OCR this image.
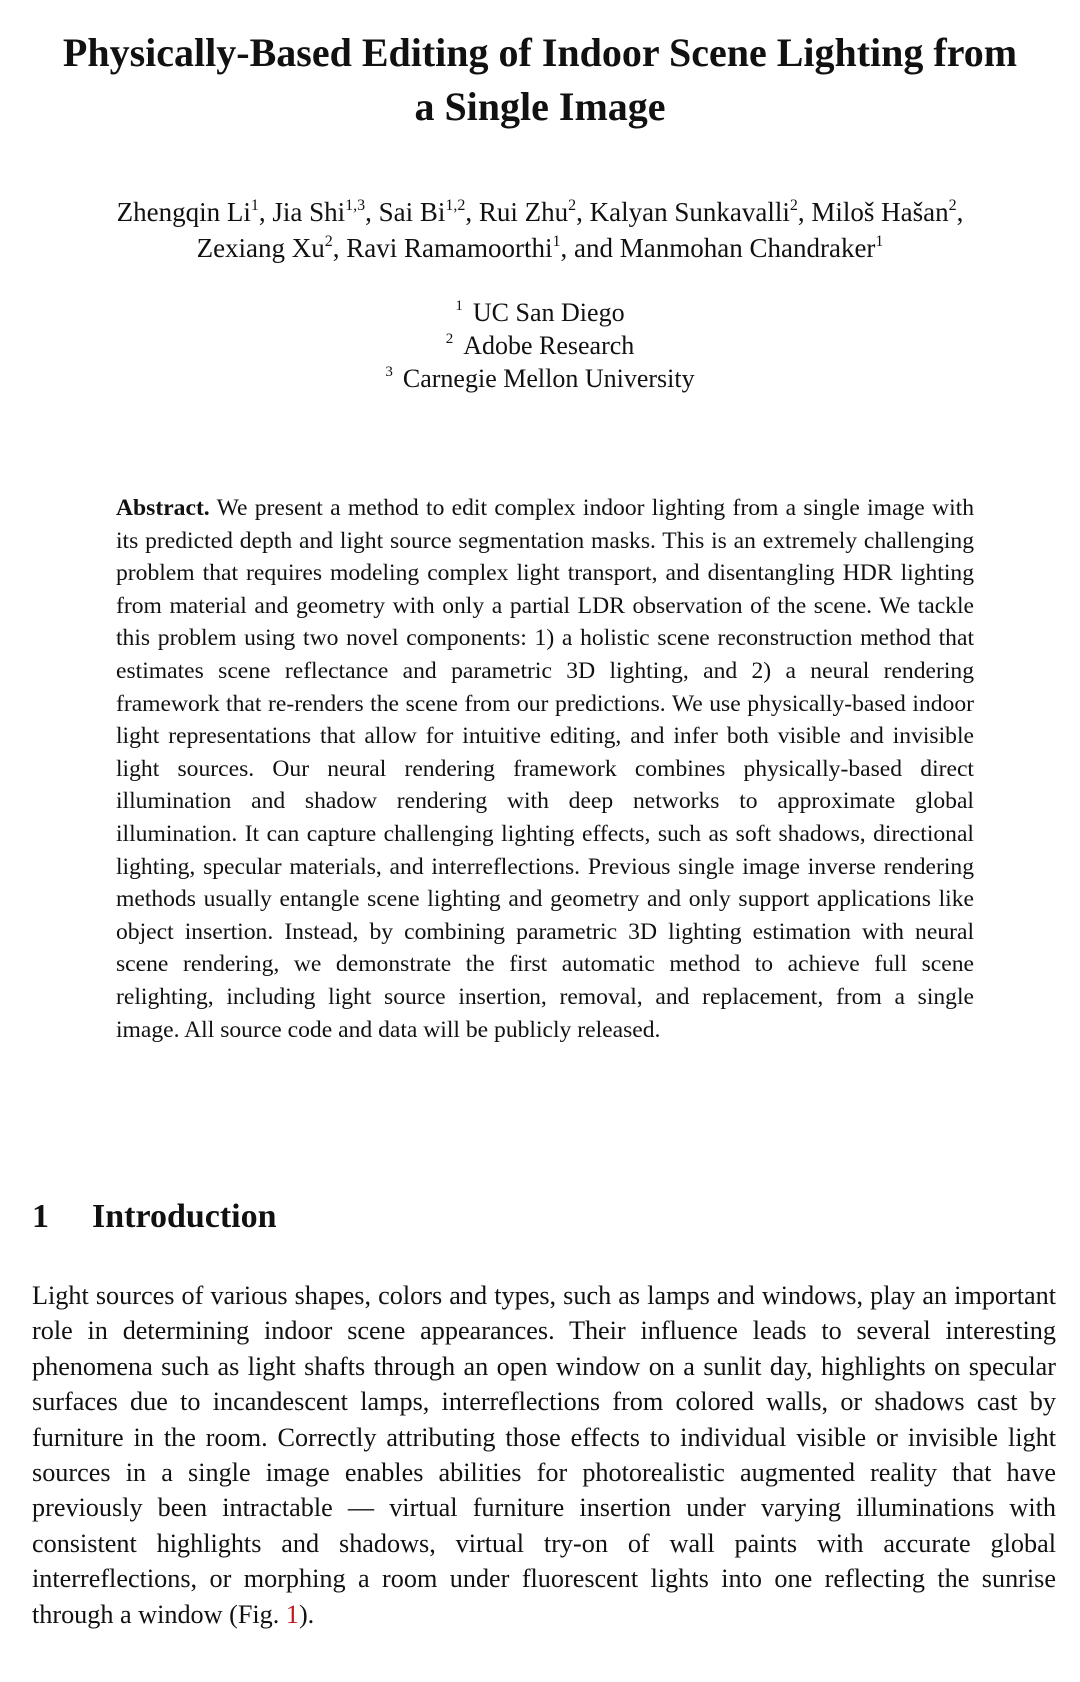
Physically-Based Editing of Indoor Scene Lighting from a Single Image

Zhengqin Li$^1$, Jia Shi$^{1,3}$, Sai Bi$^{1,2}$, Rui Zhu$^2$, Kalyan Sunkavalli$^2$, Miloš Hašan$^2$,
Zexiang Xu$^2$, Ravi Ramamoorthi$^1$, and Manmohan Chandraker$^1$

$^1$ UC San Diego
$^2$ Adobe Research
$^3$ Carnegie Mellon University

Abstract. We present a method to edit complex indoor lighting from a single image with its predicted depth and light source segmentation masks. This is an extremely challenging problem that requires modeling complex light transport, and disentangling HDR lighting from material and geometry with only a partial LDR observation of the scene. We tackle this problem using two novel components: 1) a holistic scene reconstruction method that estimates scene reflectance and parametric 3D lighting, and 2) a neural rendering framework that re-renders the scene from our predictions. We use physically-based indoor light representations that allow for intuitive editing, and infer both visible and invisible light sources. Our neural rendering framework combines physically-based direct illumination and shadow rendering with deep networks to approximate global illumination. It can capture challenging lighting effects, such as soft shadows, directional lighting, specular materials, and interreflections. Previous single image inverse rendering methods usually entangle scene lighting and geometry and only support applications like object insertion. Instead, by combining parametric 3D lighting estimation with neural scene rendering, we demonstrate the first automatic method to achieve full scene relighting, including light source insertion, removal, and replacement, from a single image. All source code and data will be publicly released.

1 Introduction

Light sources of various shapes, colors and types, such as lamps and windows, play an important role in determining indoor scene appearances. Their influence leads to several interesting phenomena such as light shafts through an open window on a sunlit day, highlights on specular surfaces due to incandescent lamps, interreflections from colored walls, or shadows cast by furniture in the room. Correctly attributing those effects to individual visible or invisible light sources in a single image enables abilities for photorealistic augmented reality that have previously been intractable — virtual furniture insertion under varying illuminations with consistent highlights and shadows, virtual try-on of wall paints with accurate global interreflections, or morphing a room under fluorescent lights into one reflecting the sunrise through a window (Fig. 1).
